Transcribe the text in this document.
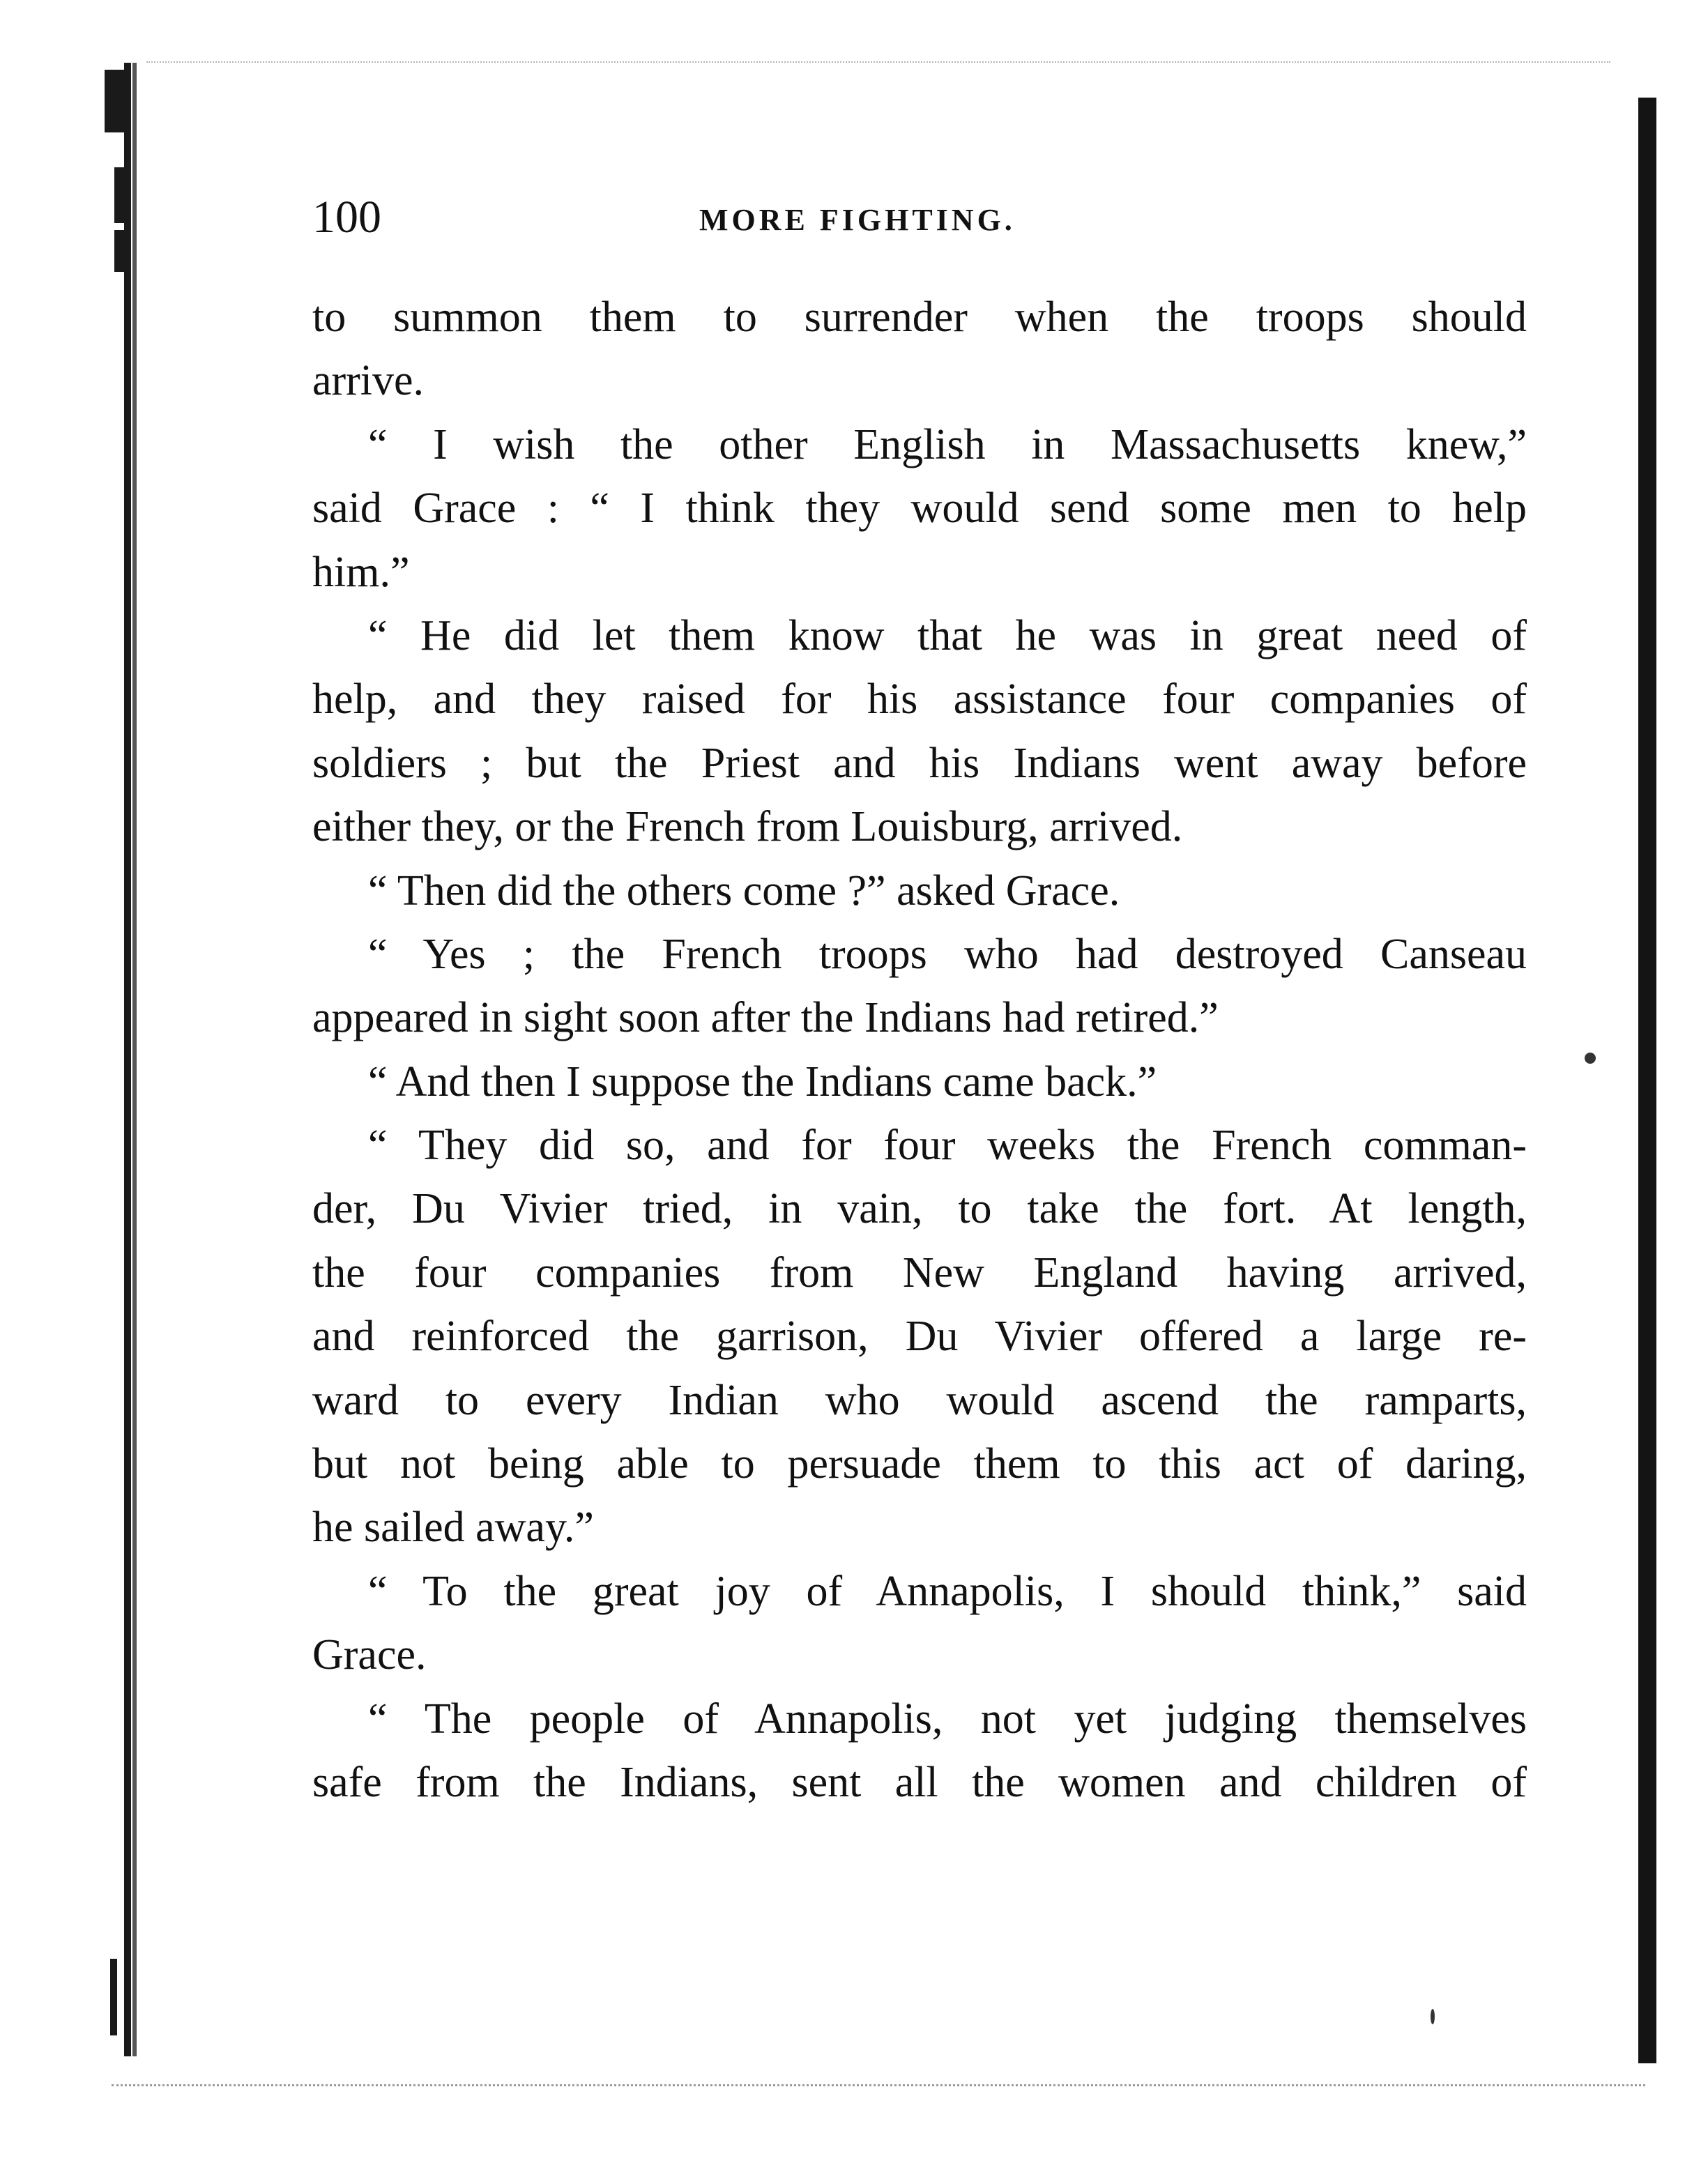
100	MORE FIGHTING.
to summon them to surrender when the troops should
arrive.
“ I wish the other English in Massachusetts knew,”
said Grace : “ I think they would send some men to help
him.”
“ He did let them know that he was in great need of
help, and they raised for his assistance four companies of
soldiers ; but the Priest and his Indians went away before
either they, or the French from Louisburg, arrived.
“ Then did the others come ?” asked Grace.
“ Yes ; the French troops who had destroyed Canseau
appeared in sight soon after the Indians had retired.”
“ And then I suppose the Indians came back.”
“ They did so, and for four weeks the French comman-
der, Du Vivier tried, in vain, to take the fort. At length,
the four companies from New England having arrived,
and reinforced the garrison, Du Vivier offered a large re-
ward to every Indian who would ascend the ramparts,
but not being able to persuade them to this act of daring,
he sailed away.”
“ To the great joy of Annapolis, I should think,” said
Grace.
“ The people of Annapolis, not yet judging themselves
safe from the Indians, sent all the women and children of
